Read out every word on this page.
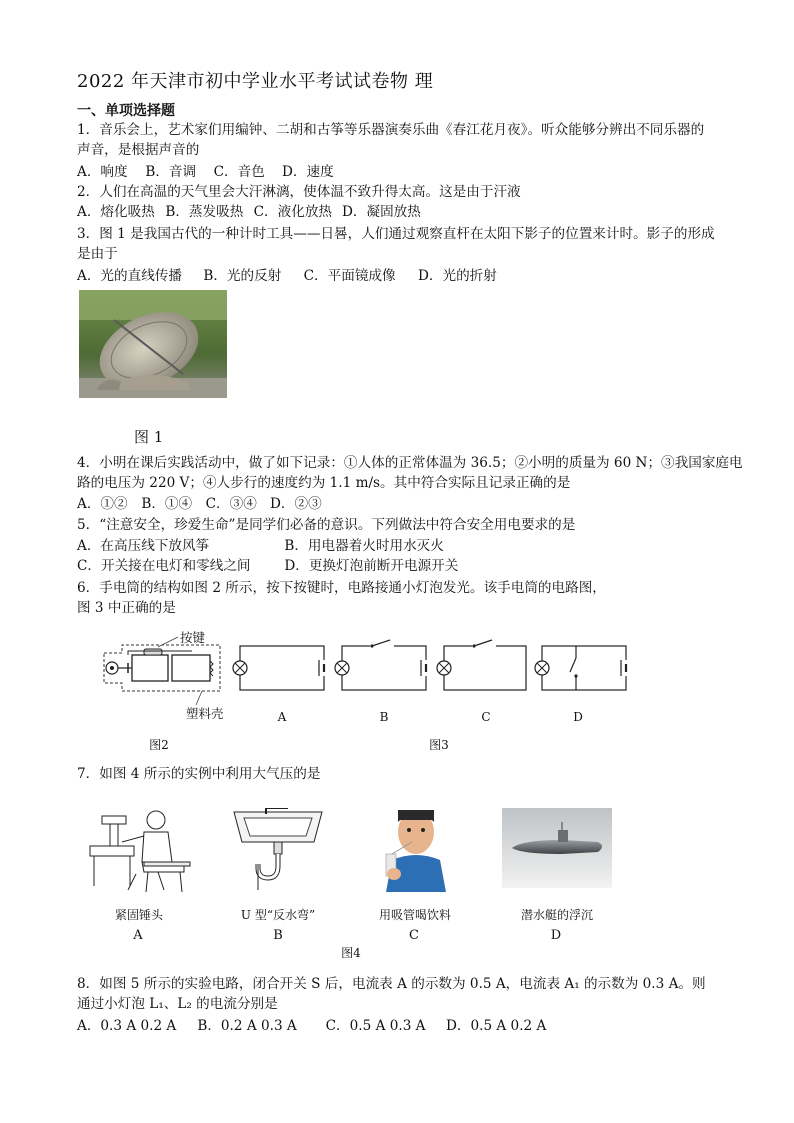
2022 年天津市初中学业水平考试试卷物 理
一、单项选择题
1．音乐会上，艺术家们用编钟、二胡和古筝等乐器演奏乐曲《春江花月夜》。听众能够分辨出不同乐器的
声音，是根据声音的
A．响度 B．音调 C．音色 D．速度
2．人们在高温的天气里会大汗淋漓，使体温不致升得太高。这是由于汗液
A．熔化吸热 B．蒸发吸热 C．液化放热 D．凝固放热
3．图 1 是我国古代的一种计时工具——日晷，人们通过观察直杆在太阳下影子的位置来计时。影子的形成
是由于
A．光的直线传播 B．光的反射 C．平面镜成像 D．光的折射
图 1
4．小明在课后实践活动中，做了如下记录：①人体的正常体温为 36.5；②小明的质量为 60 N；③我国家庭电
路的电压为 220 V；④人步行的速度约为 1.1 m/s。其中符合实际且记录正确的是
A．①② B．①④ C．③④ D．②③
5．“注意安全，珍爱生命”是同学们必备的意识。下列做法中符合安全用电要求的是
A．在高压线下放风筝	B．用电器着火时用水灭火
C．开关接在电灯和零线之间 D．更换灯泡前断开电源开关
6．手电筒的结构如图 2 所示，按下按键时，电路接通小灯泡发光。该手电筒的电路图，
图 3 中正确的是
按键
塑料壳
图2
A	B	C	D
图3
7．如图 4 所示的实例中利用大气压的是
紧固锤头	U 型“反水弯”	用吸管喝饮料	潜水艇的浮沉
A	B	C	D
图4
8．如图 5 所示的实验电路，闭合开关 S 后，电流表 A 的示数为 0.5 A，电流表 A₁ 的示数为 0.3 A。则
通过小灯泡 L₁、L₂ 的电流分别是
A．0.3 A 0.2 A B．0.2 A 0.3 A C．0.5 A 0.3 A D．0.5 A 0.2 A
